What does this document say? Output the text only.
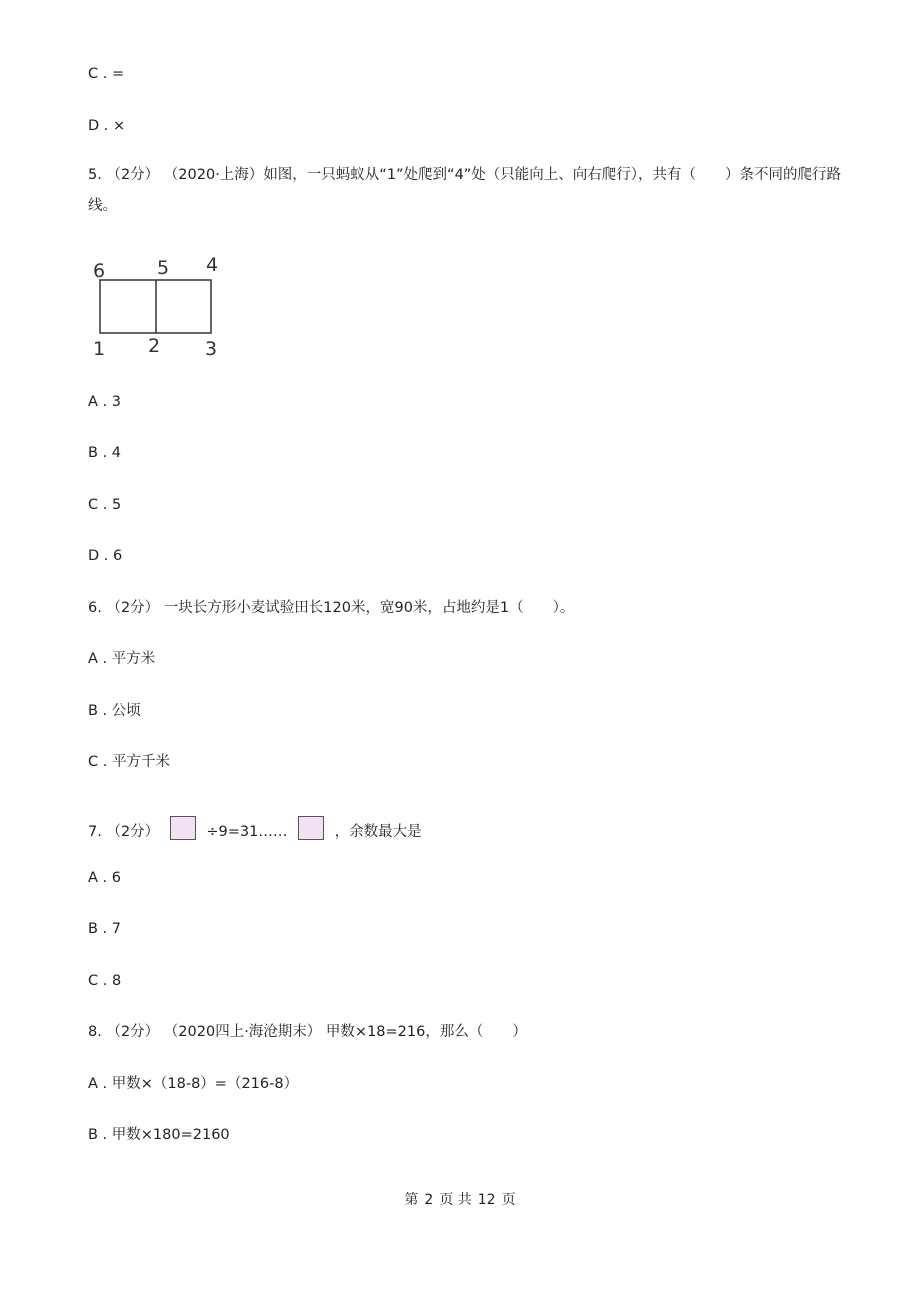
C . =
D . ×
5. （2分） （2020·上海）如图，一只蚂蚁从“1”处爬到“4”处（只能向上、向右爬行），共有（　　）条不同的爬行路线。
6	5 4
1 2 3
A . 3
B . 4
C . 5
D . 6
6. （2分） 一块长方形小麦试验田长120米，宽90米，占地约是1（　　）。
A . 平方米
B . 公顷
C . 平方千米
7. （2分）	÷9=31……	，余数最大是
A . 6
B . 7
C . 8
8. （2分） （2020四上·海沧期末） 甲数×18=216，那么（　　）
A . 甲数×（18-8）=（216-8）
B . 甲数×180=2160
第 2 页 共 12 页
